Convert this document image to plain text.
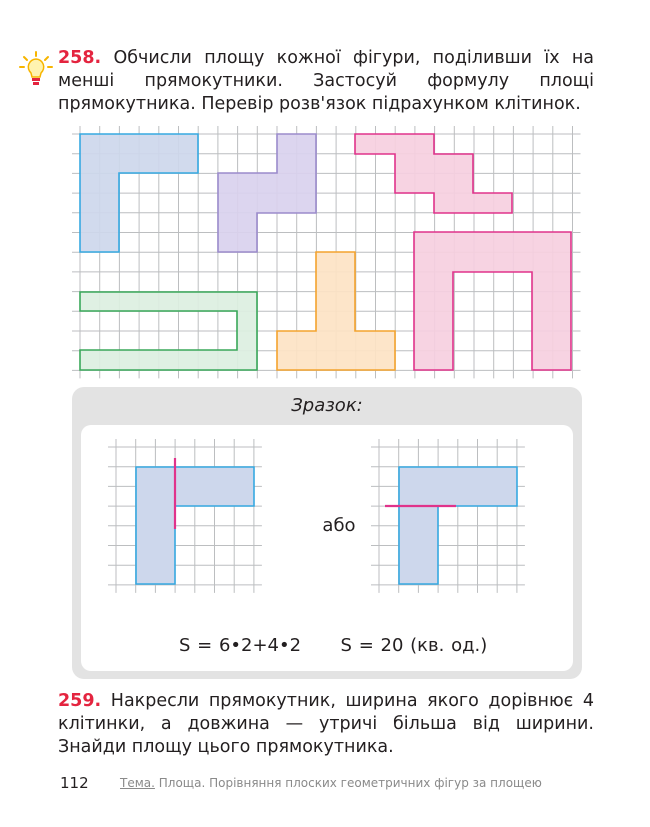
258. Обчисли площу кожної фігури, поділивши їх на менші прямокутники. Застосуй формулу площі прямокутника. Перевір розв'язок підрахунком клітинок.

Зразок:
або
S = 6•2+4•2 S = 20 (кв. од.)

259. Накресли прямокутник, ширина якого дорівнює 4 клітинки, а довжина — утричі більша від ширини. Знайди площу цього прямокутника.

112	Тема. Площа. Порівняння плоских геометричних фігур за площею
